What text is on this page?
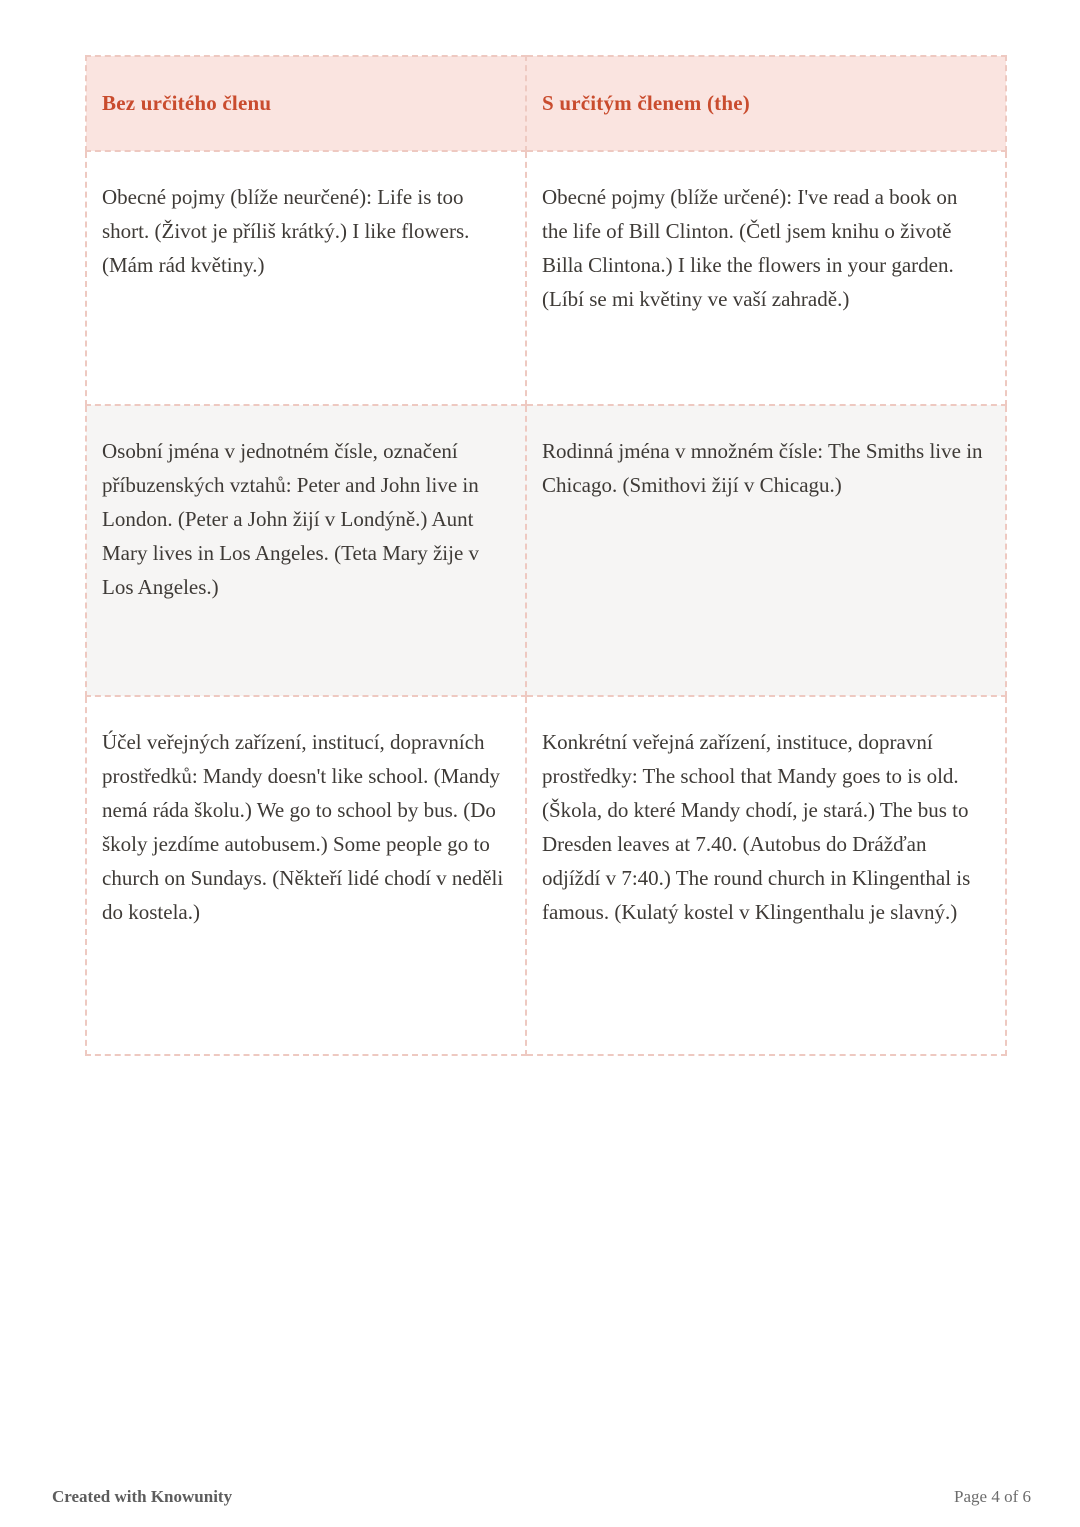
Bez určitého členu	S určitým členem (the)
Obecné pojmy (blíže neurčené): Life is too short. (Život je příliš krátký.) I like flowers. (Mám rád květiny.)	Obecné pojmy (blíže určené): I've read a book on the life of Bill Clinton. (Četl jsem knihu o životě Billa Clintona.) I like the flowers in your garden. (Líbí se mi květiny ve vaší zahradě.)
Osobní jména v jednotném čísle, označení příbuzenských vztahů: Peter and John live in London. (Peter a John žijí v Londýně.) Aunt Mary lives in Los Angeles. (Teta Mary žije v Los Angeles.)	Rodinná jména v množném čísle: The Smiths live in Chicago. (Smithovi žijí v Chicagu.)
Účel veřejných zařízení, institucí, dopravních prostředků: Mandy doesn't like school. (Mandy nemá ráda školu.) We go to school by bus. (Do školy jezdíme autobusem.) Some people go to church on Sundays. (Někteří lidé chodí v neděli do kostela.)	Konkrétní veřejná zařízení, instituce, dopravní prostředky: The school that Mandy goes to is old. (Škola, do které Mandy chodí, je stará.) The bus to Dresden leaves at 7.40. (Autobus do Drážďan odjíždí v 7:40.) The round church in Klingenthal is famous. (Kulatý kostel v Klingenthalu je slavný.)
Created with Knowunity	Page 4 of 6
